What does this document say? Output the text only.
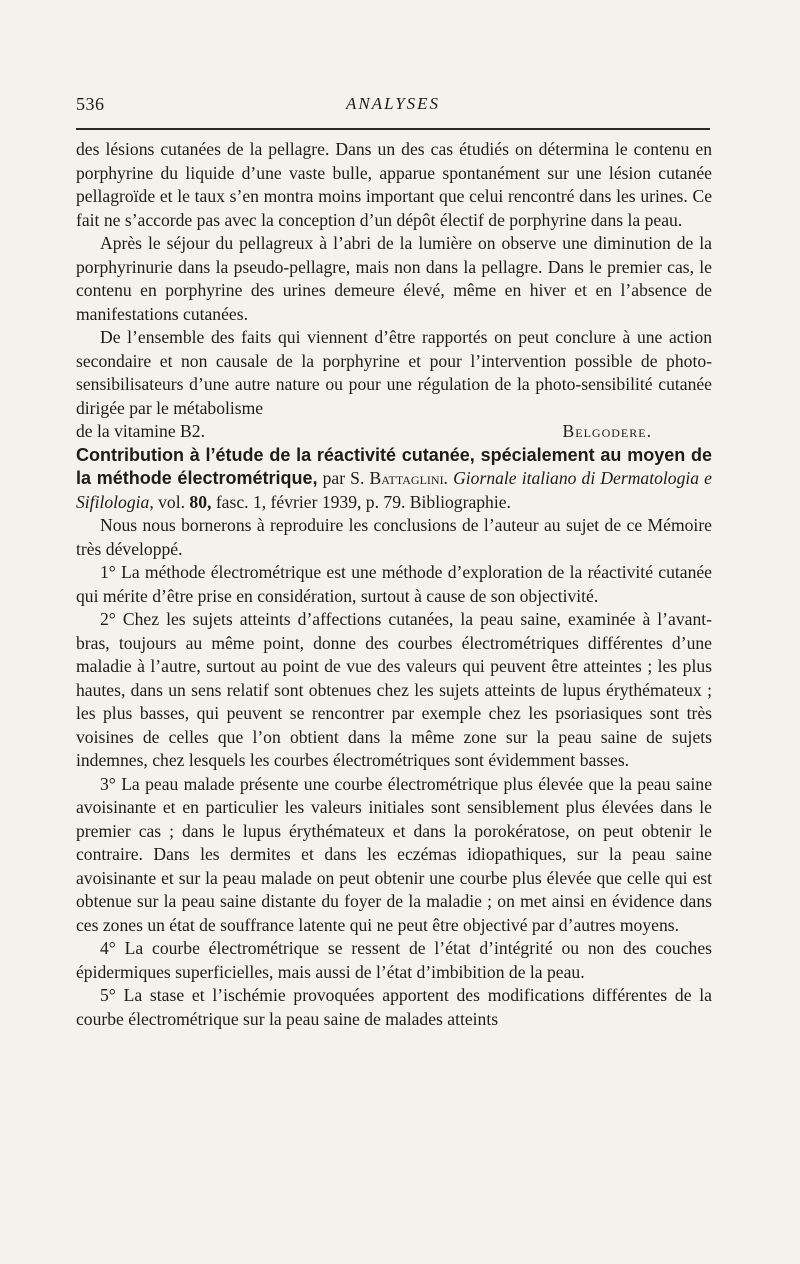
536	ANALYSES

des lésions cutanées de la pellagre. Dans un des cas étudiés on détermina le contenu en porphyrine du liquide d’une vaste bulle, apparue spontanément sur une lésion cutanée pellagroïde et le taux s’en montra moins important que celui rencontré dans les urines. Ce fait ne s’accorde pas avec la conception d’un dépôt électif de porphyrine dans la peau.

Après le séjour du pellagreux à l’abri de la lumière on observe une diminution de la porphyrinurie dans la pseudo-pellagre, mais non dans la pellagre. Dans le premier cas, le contenu en porphyrine des urines demeure élevé, même en hiver et en l’absence de manifestations cutanées.

De l’ensemble des faits qui viennent d’être rapportés on peut conclure à une action secondaire et non causale de la porphyrine et pour l’intervention possible de photo-sensibilisateurs d’une autre nature ou pour une régulation de la photo-sensibilité cutanée dirigée par le métabolisme

de la vitamine B2.	Belgodere.

Contribution à l’étude de la réactivité cutanée, spécialement au moyen de la méthode électrométrique, par S. Battaglini. Giornale italiano di Dermatologia e Sifilologia, vol. 80, fasc. 1, février 1939, p. 79. Bibliographie.

Nous nous bornerons à reproduire les conclusions de l’auteur au sujet de ce Mémoire très développé.

1° La méthode électrométrique est une méthode d’exploration de la réactivité cutanée qui mérite d’être prise en considération, surtout à cause de son objectivité.

2° Chez les sujets atteints d’affections cutanées, la peau saine, examinée à l’avant-bras, toujours au même point, donne des courbes électrométriques différentes d’une maladie à l’autre, surtout au point de vue des valeurs qui peuvent être atteintes ; les plus hautes, dans un sens relatif sont obtenues chez les sujets atteints de lupus érythémateux ; les plus basses, qui peuvent se rencontrer par exemple chez les psoriasiques sont très voisines de celles que l’on obtient dans la même zone sur la peau saine de sujets indemnes, chez lesquels les courbes électrométriques sont évidemment basses.

3° La peau malade présente une courbe électrométrique plus élevée que la peau saine avoisinante et en particulier les valeurs initiales sont sensiblement plus élevées dans le premier cas ; dans le lupus érythémateux et dans la porokératose, on peut obtenir le contraire. Dans les dermites et dans les eczémas idiopathiques, sur la peau saine avoisinante et sur la peau malade on peut obtenir une courbe plus élevée que celle qui est obtenue sur la peau saine distante du foyer de la maladie ; on met ainsi en évidence dans ces zones un état de souffrance latente qui ne peut être objectivé par d’autres moyens.

4° La courbe électrométrique se ressent de l’état d’intégrité ou non des couches épidermiques superficielles, mais aussi de l’état d’imbibition de la peau.

5° La stase et l’ischémie provoquées apportent des modifications différentes de la courbe électrométrique sur la peau saine de malades atteints
